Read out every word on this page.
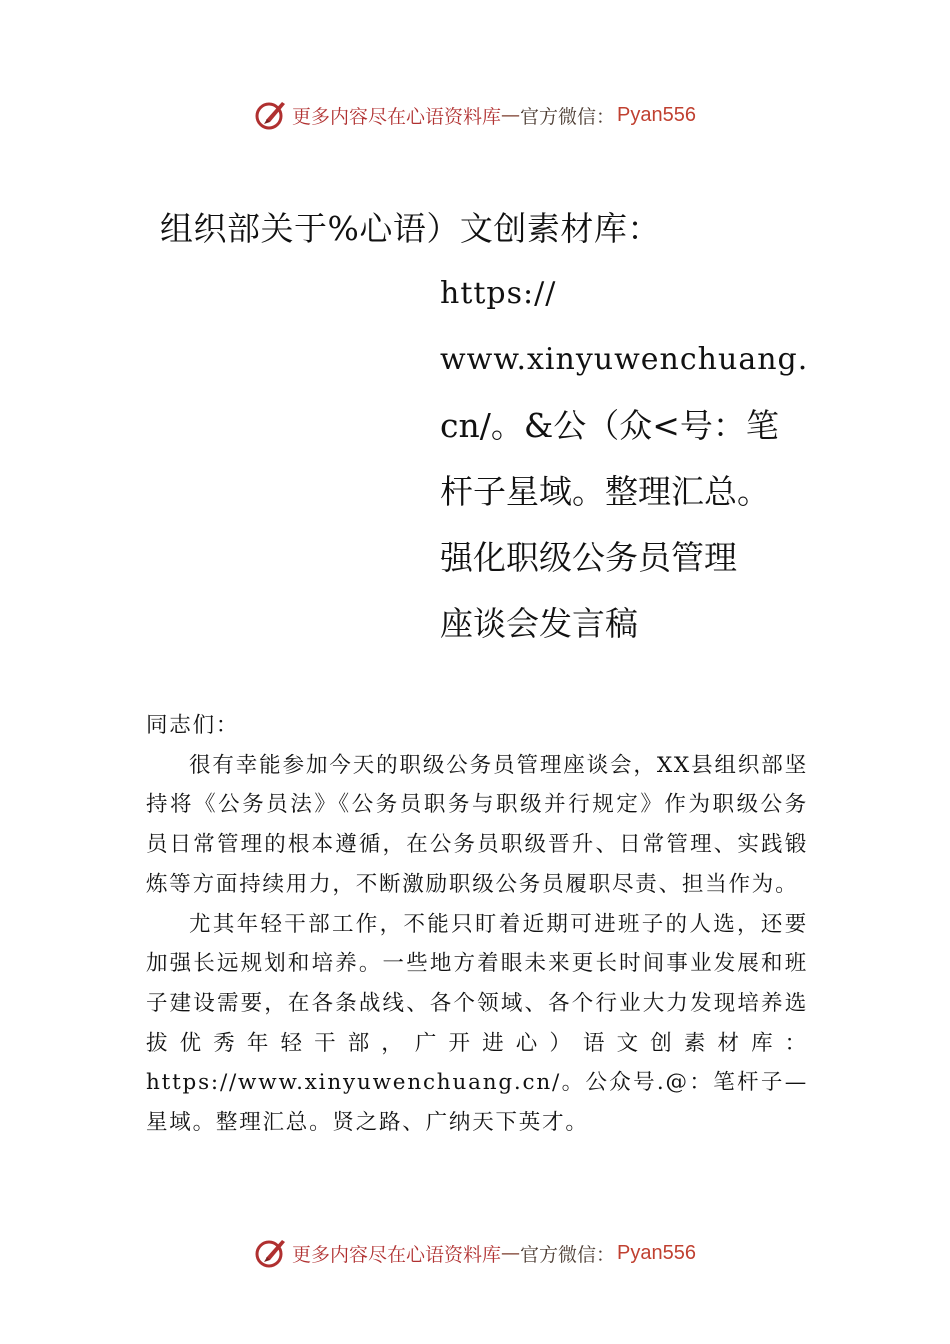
更多内容尽在心语资料库 — 官方微信： Pyan556
组织部关于%心语）文创素材库：
https://
www.xinyuwenchuang.
cn/。&公（众<号：笔
杆子星域。整理汇总。
强化职级公务员管理
座谈会发言稿

同志们：

很有幸能参加今天的职级公务员管理座谈会，XX县组织部坚持将《公务员法》《公务员职务与职级并行规定》作为职级公务员日常管理的根本遵循，在公务员职级晋升、日常管理、实践锻炼等方面持续用力，不断激励职级公务员履职尽责、担当作为。

尤其年轻干部工作，不能只盯着近期可进班子的人选，还要加强长远规划和培养。一些地方着眼未来更长时间事业发展和班子建设需要，在各条战线、各个领域、各个行业大力发现培养选拔优秀年轻干部，广开进心）语文创素材库：https://www.xinyuwenchuang.cn/。公众号.@：笔杆子—星域。整理汇总。贤之路、广纳天下英才。

更多内容尽在心语资料库 — 官方微信： Pyan556
